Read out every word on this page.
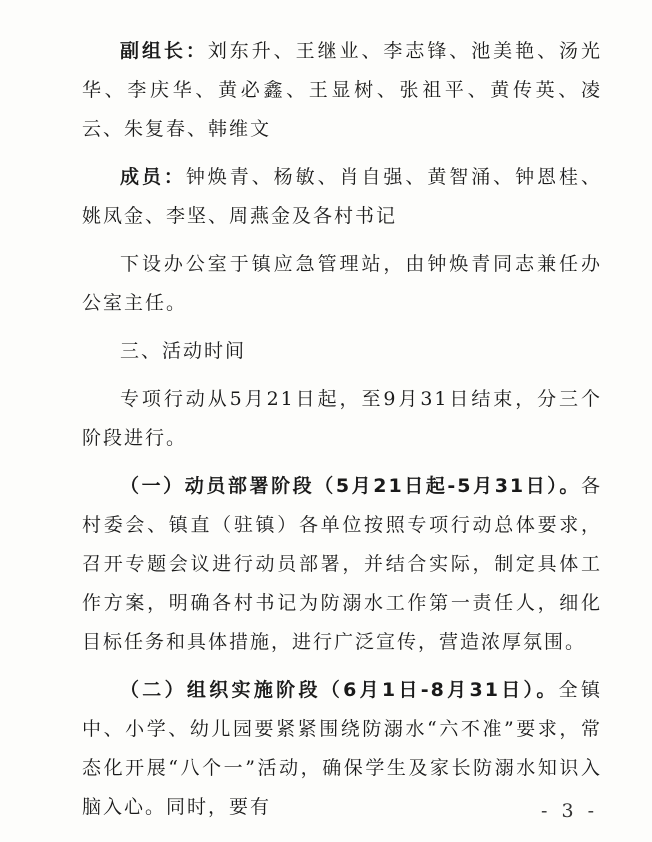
副组长：刘东升、王继业、李志锋、池美艳、汤光华、李庆华、黄必鑫、王显树、张祖平、黄传英、凌云、朱复春、韩维文

成员：钟焕青、杨敏、肖自强、黄智涌、钟恩桂、姚凤金、李坚、周燕金及各村书记

下设办公室于镇应急管理站，由钟焕青同志兼任办公室主任。

三、活动时间

专项行动从5月21日起，至9月31日结束，分三个阶段进行。

（一）动员部署阶段（5月21日起-5月31日）。各村委会、镇直（驻镇）各单位按照专项行动总体要求，召开专题会议进行动员部署，并结合实际，制定具体工作方案，明确各村书记为防溺水工作第一责任人，细化目标任务和具体措施，进行广泛宣传，营造浓厚氛围。

（二）组织实施阶段（6月1日-8月31日）。全镇中、小学、幼儿园要紧紧围绕防溺水“六不准”要求，常态化开展“八个一”活动，确保学生及家长防溺水知识入脑入心。同时，要有	- 3 -
